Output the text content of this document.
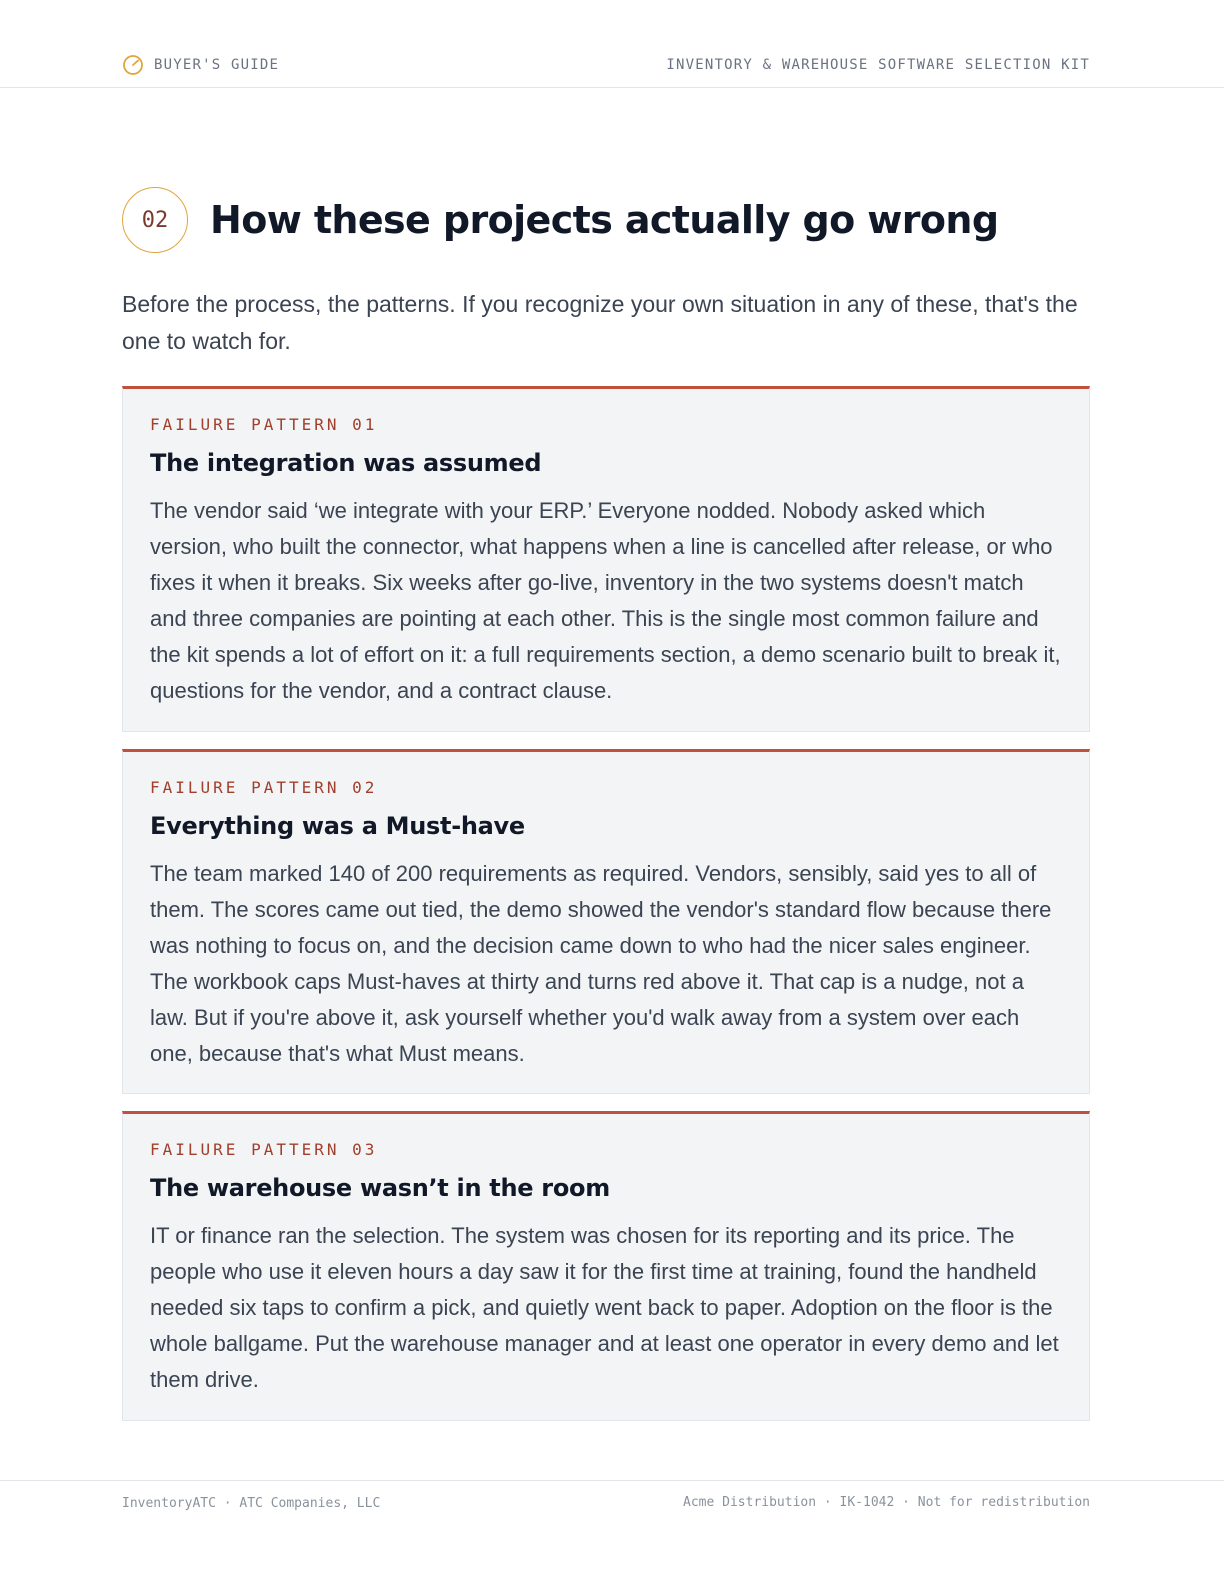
BUYER'S GUIDE	INVENTORY & WAREHOUSE SOFTWARE SELECTION KIT
02	How these projects actually go wrong

Before the process, the patterns. If you recognize your own situation in any of these, that's the one to watch for.

FAILURE PATTERN 01

The integration was assumed

The vendor said ‘we integrate with your ERP.’ Everyone nodded. Nobody asked which version, who built the connector, what happens when a line is cancelled after release, or who fixes it when it breaks. Six weeks after go-live, inventory in the two systems doesn't match and three companies are pointing at each other. This is the single most common failure and the kit spends a lot of effort on it: a full requirements section, a demo scenario built to break it, questions for the vendor, and a contract clause.

FAILURE PATTERN 02

Everything was a Must-have

The team marked 140 of 200 requirements as required. Vendors, sensibly, said yes to all of them. The scores came out tied, the demo showed the vendor's standard flow because there was nothing to focus on, and the decision came down to who had the nicer sales engineer. The workbook caps Must-haves at thirty and turns red above it. That cap is a nudge, not a law. But if you're above it, ask yourself whether you'd walk away from a system over each one, because that's what Must means.

FAILURE PATTERN 03

The warehouse wasn’t in the room

IT or finance ran the selection. The system was chosen for its reporting and its price. The people who use it eleven hours a day saw it for the first time at training, found the handheld needed six taps to confirm a pick, and quietly went back to paper. Adoption on the floor is the whole ballgame. Put the warehouse manager and at least one operator in every demo and let them drive.

InventoryATC · ATC Companies, LLC	Acme Distribution · IK-1042 · Not for redistribution
